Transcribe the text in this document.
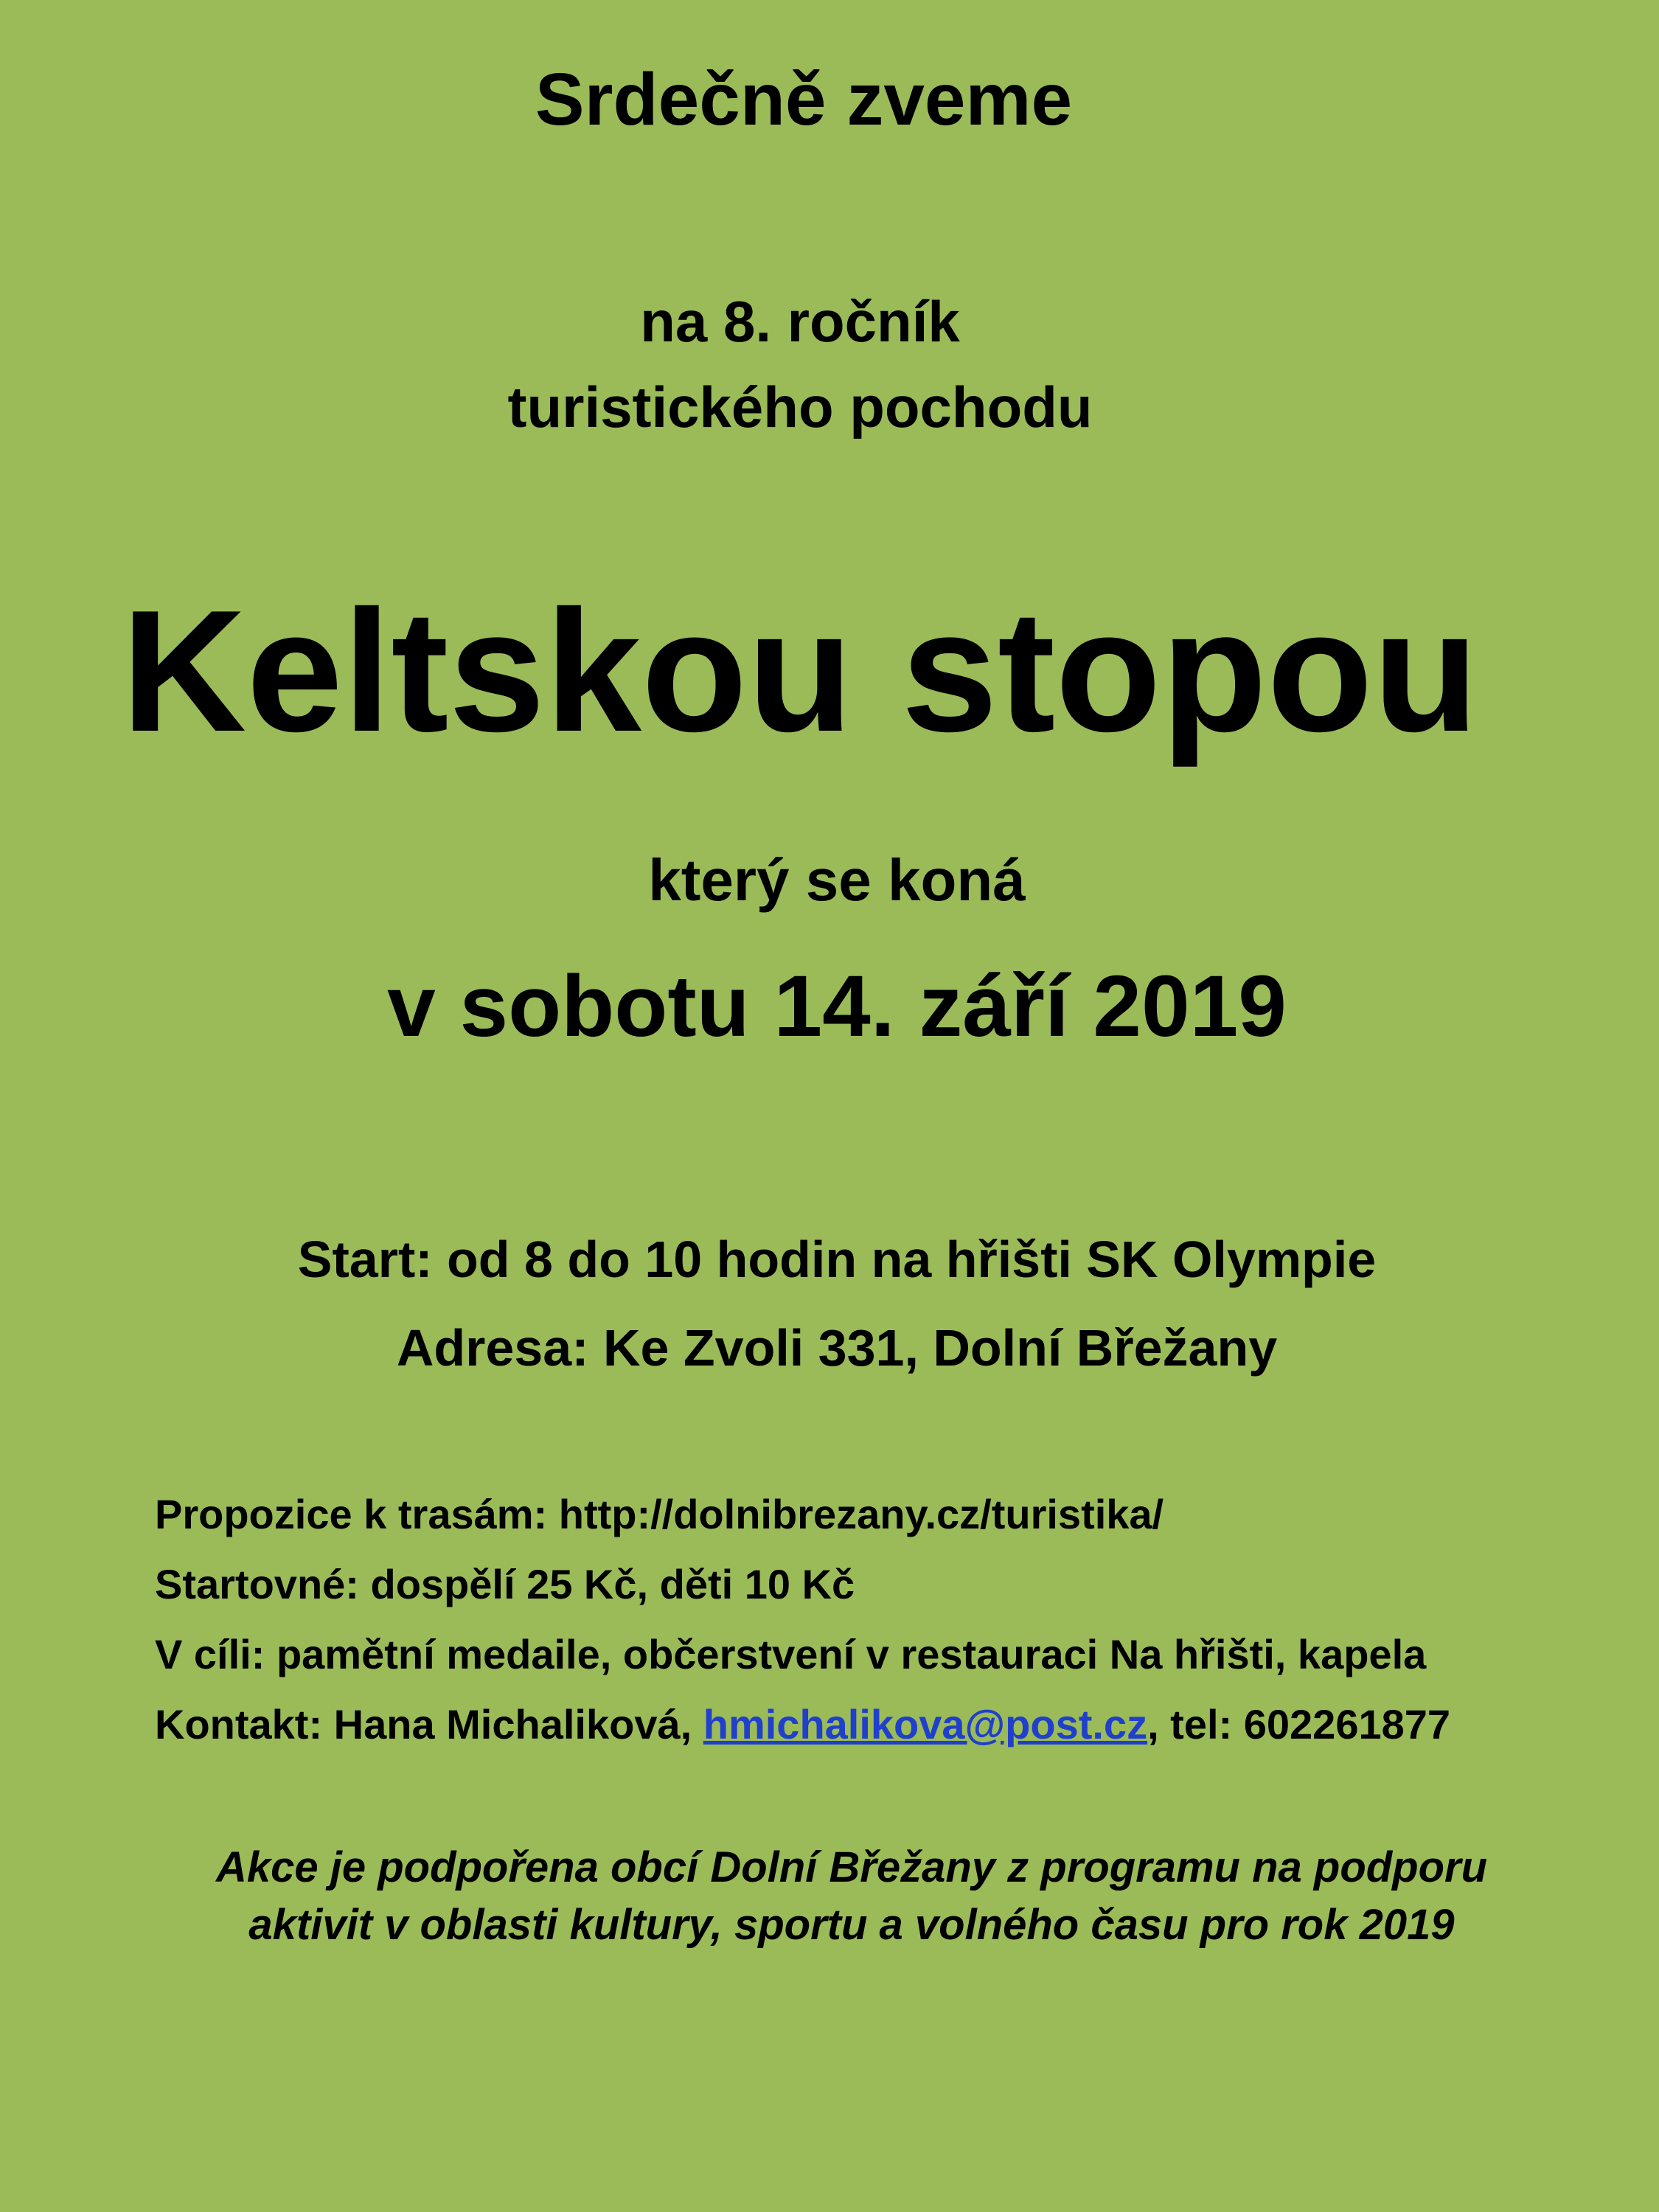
Srdečně zveme
na 8. ročník
turistického pochodu
Keltskou stopou
který se koná
v sobotu 14. září 2019
Start: od 8 do 10 hodin na hřišti SK Olympie
Adresa: Ke Zvoli 331, Dolní Břežany
Propozice k trasám: http://dolnibrezany.cz/turistika/
Startovné: dospělí 25 Kč, děti 10 Kč
V cíli: pamětní medaile, občerstvení v restauraci Na hřišti, kapela
Kontakt: Hana Michaliková, hmichalikova@post.cz, tel: 602261877
Akce je podpořena obcí Dolní Břežany z programu na podporu
aktivit v oblasti kultury, sportu a volného času pro rok 2019
